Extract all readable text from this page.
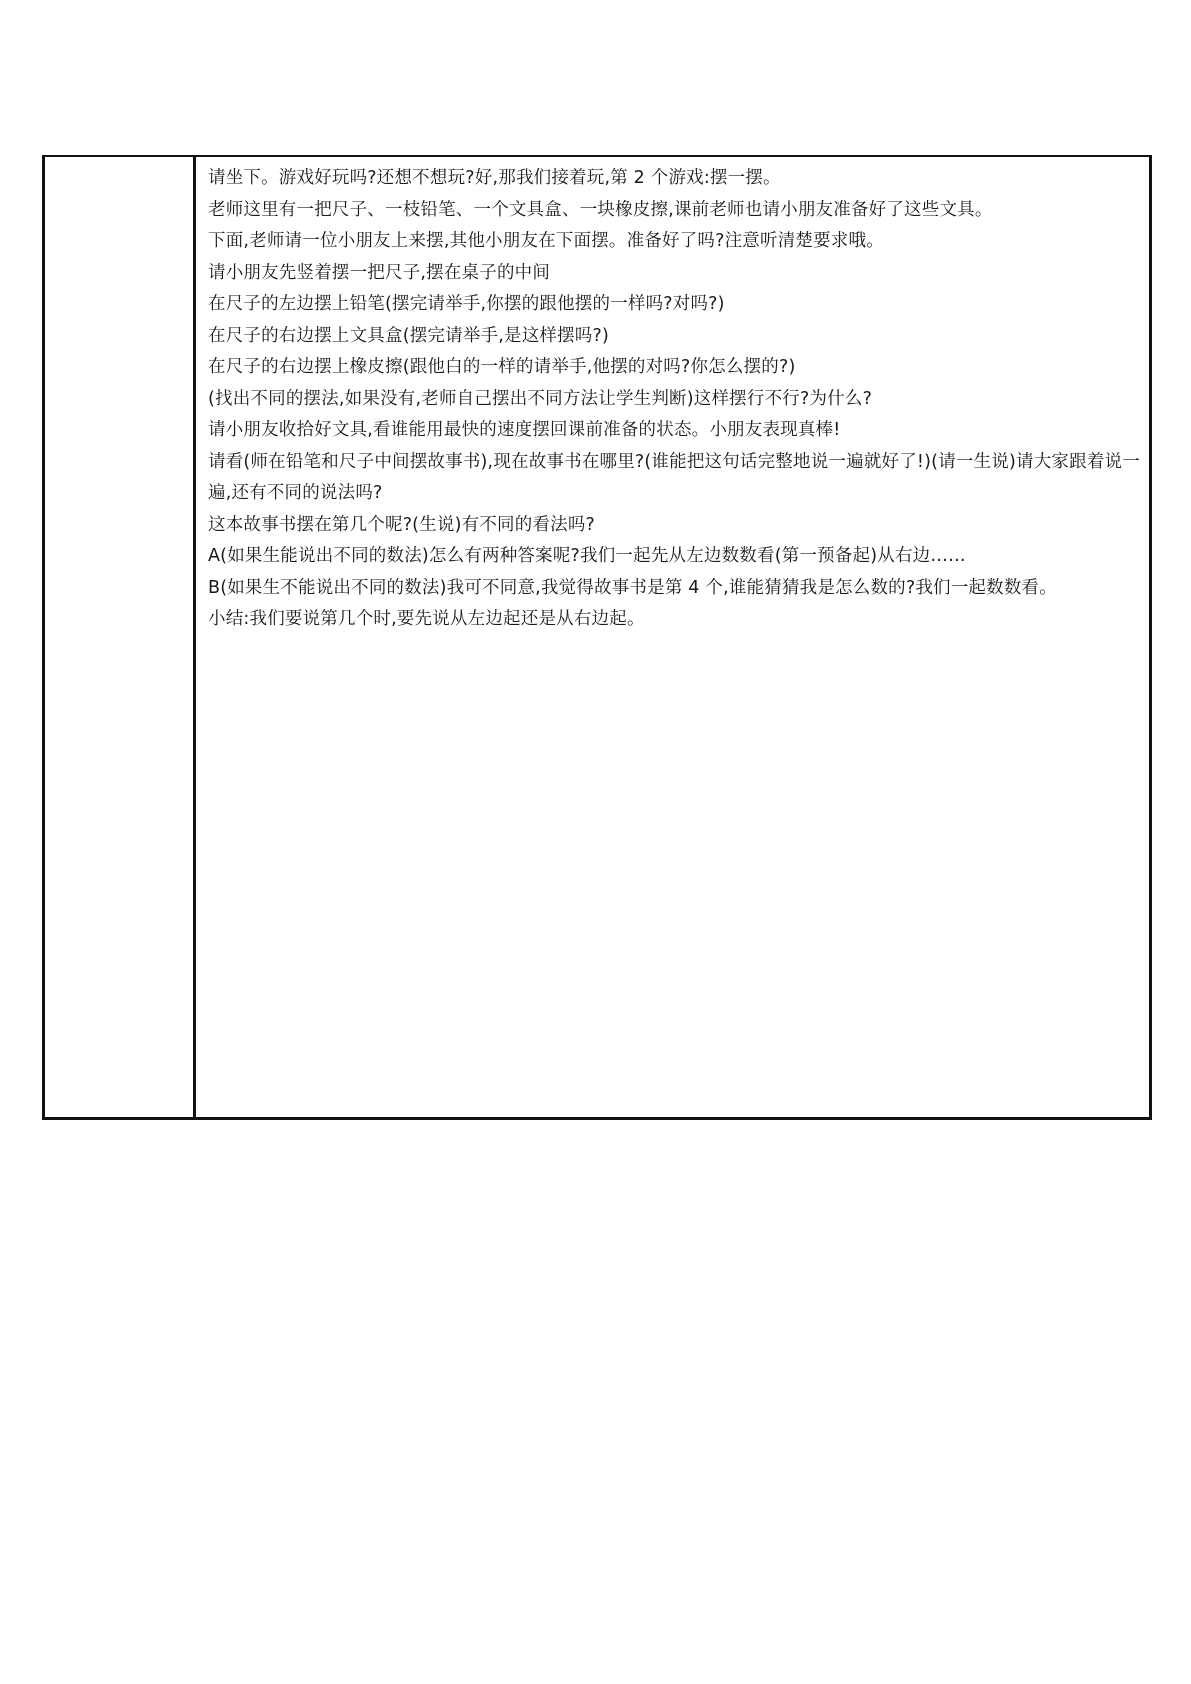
请坐下。游戏好玩吗?还想不想玩?好,那我们接着玩,第 2 个游戏:摆一摆。

老师这里有一把尺子、一枝铅笔、一个文具盒、一块橡皮擦,课前老师也请小朋友准备好了这些文具。

下面,老师请一位小朋友上来摆,其他小朋友在下面摆。准备好了吗?注意听清楚要求哦。

请小朋友先竖着摆一把尺子,摆在桌子的中间

在尺子的左边摆上铅笔(摆完请举手,你摆的跟他摆的一样吗?对吗?)

在尺子的右边摆上文具盒(摆完请举手,是这样摆吗?)

在尺子的右边摆上橡皮擦(跟他白的一样的请举手,他摆的对吗?你怎么摆的?)

(找出不同的摆法,如果没有,老师自己摆出不同方法让学生判断)这样摆行不行?为什么?

请小朋友收拾好文具,看谁能用最快的速度摆回课前准备的状态。小朋友表现真棒!

请看(师在铅笔和尺子中间摆故事书),现在故事书在哪里?(谁能把这句话完整地说一遍就好了!)(请一生说)请大家跟着说一遍,还有不同的说法吗?

这本故事书摆在第几个呢?(生说)有不同的看法吗?

A(如果生能说出不同的数法)怎么有两种答案呢?我们一起先从左边数数看(第一预备起)从右边……

B(如果生不能说出不同的数法)我可不同意,我觉得故事书是第 4 个,谁能猜猜我是怎么数的?我们一起数数看。

小结:我们要说第几个时,要先说从左边起还是从右边起。
